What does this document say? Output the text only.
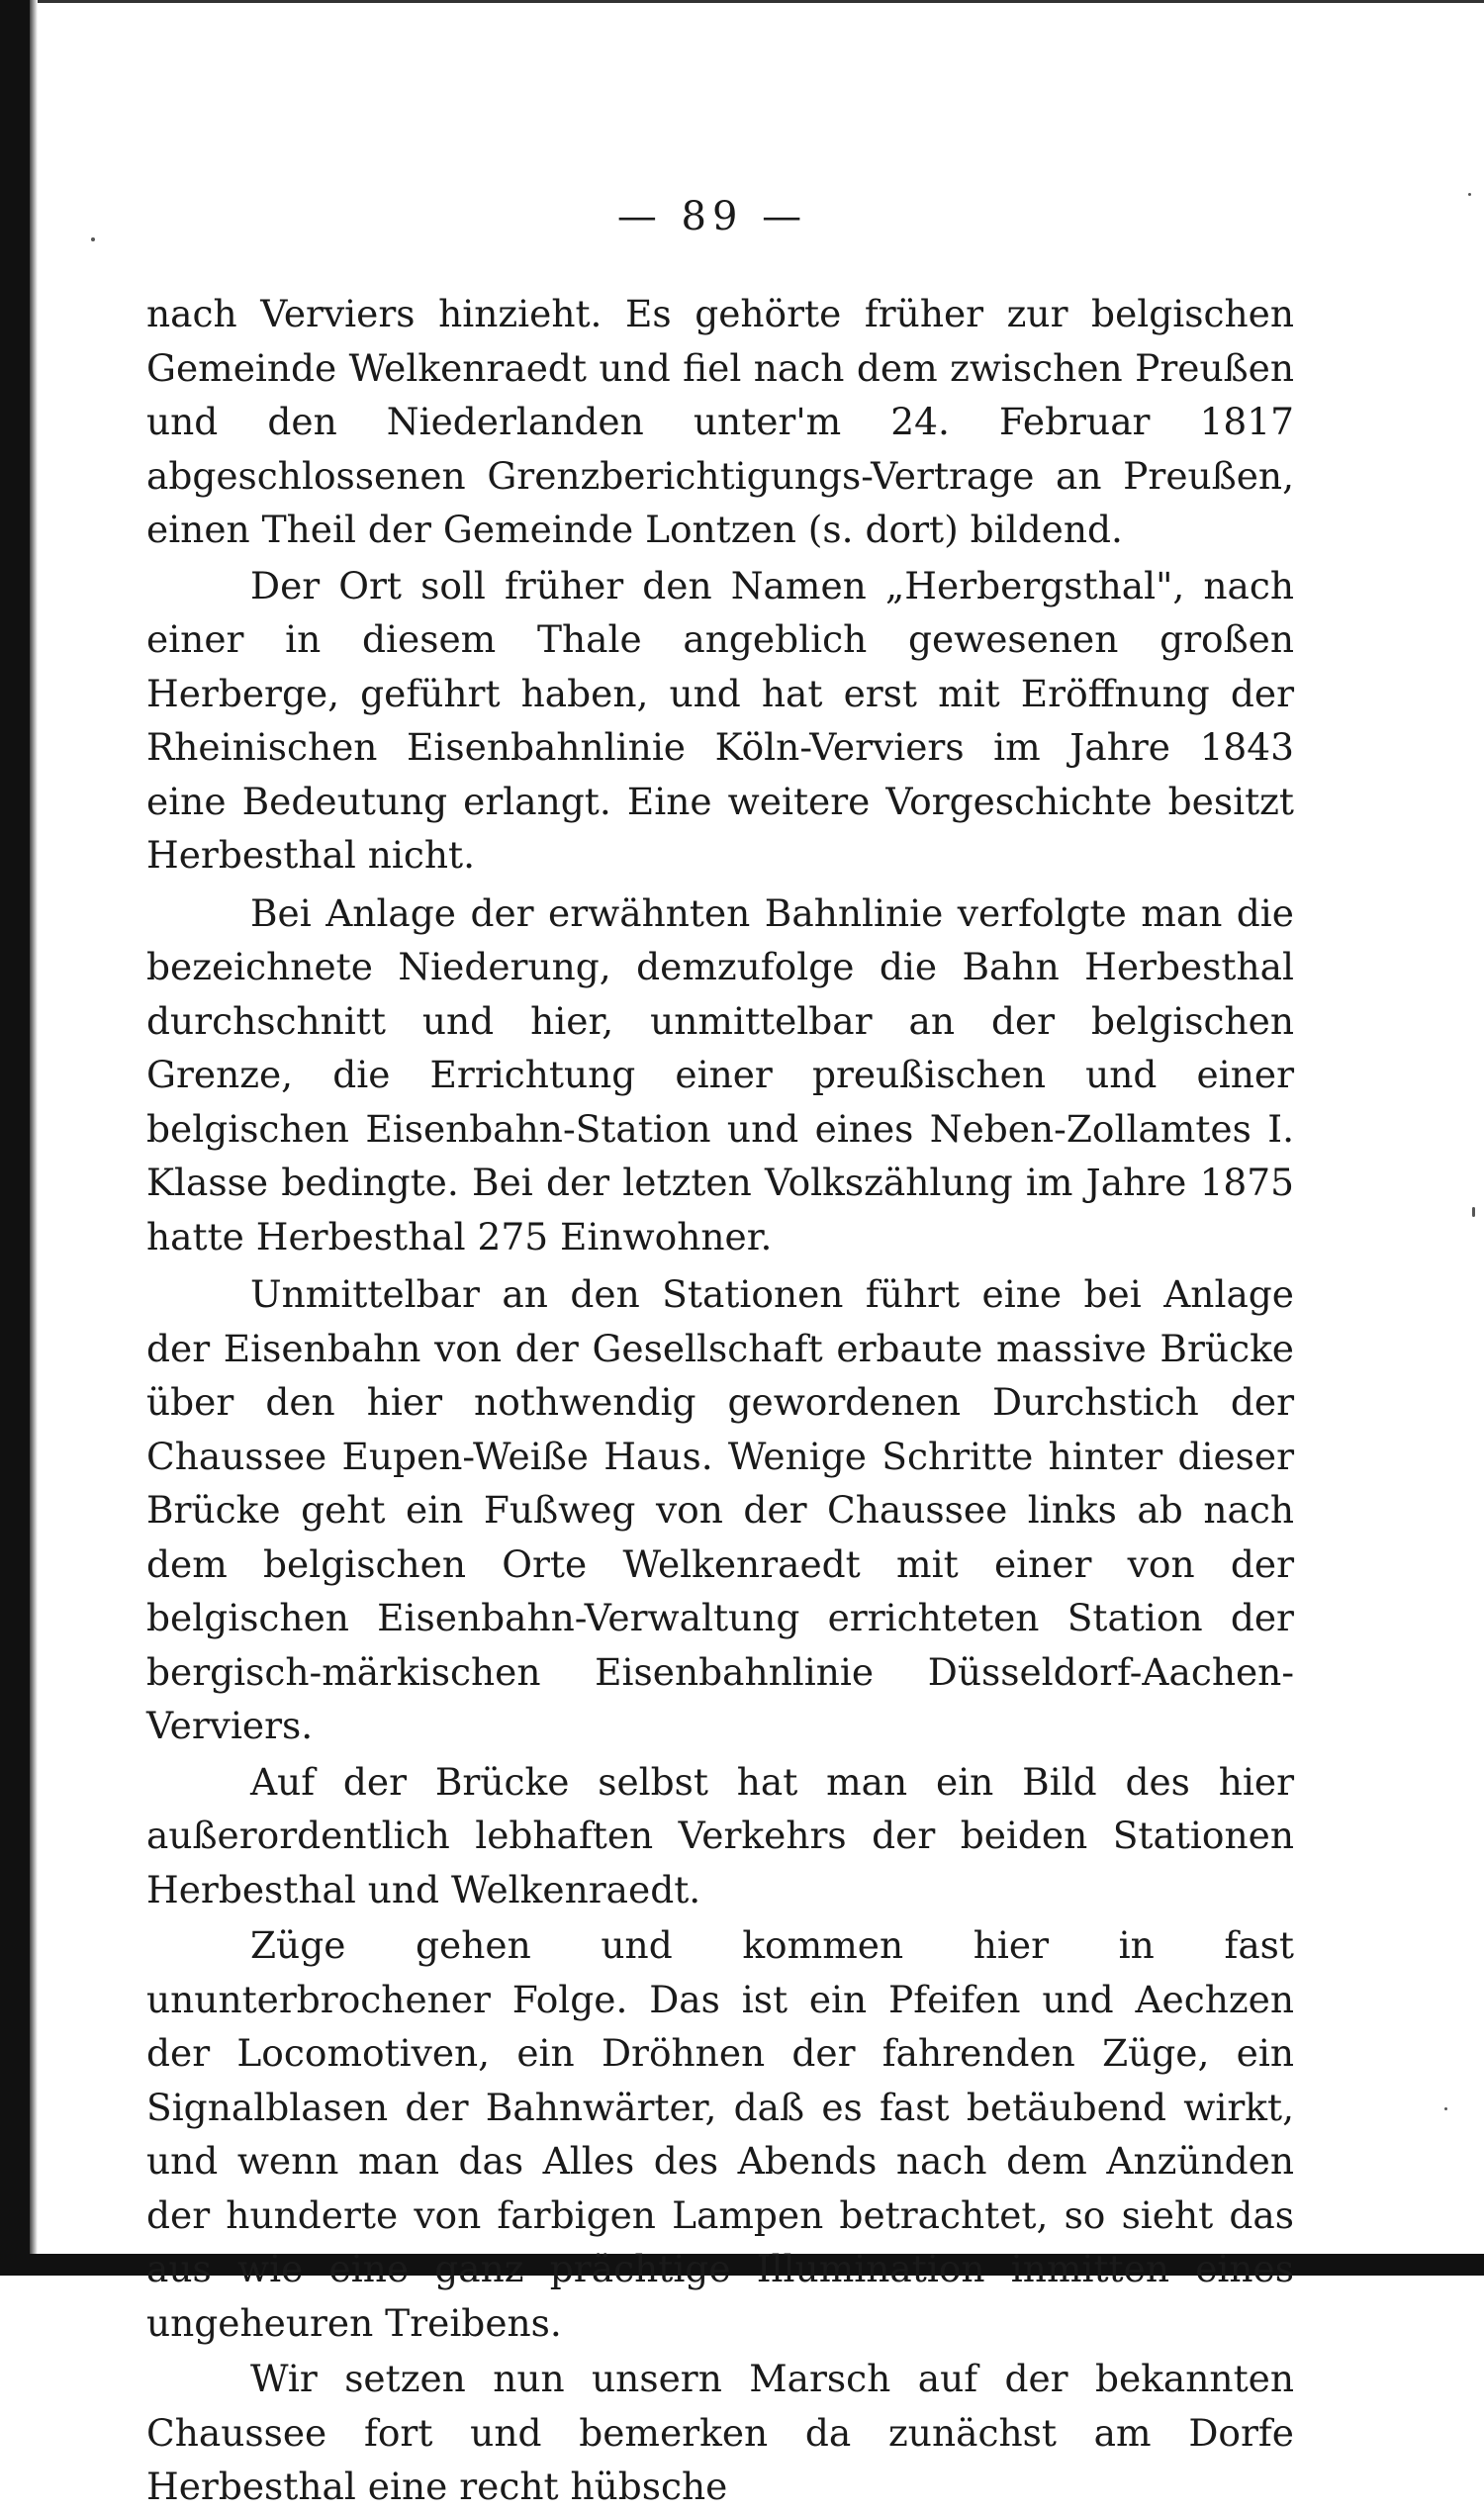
— 89 —

nach Verviers hinzieht. Es gehörte früher zur belgischen Gemeinde Welkenraedt und fiel nach dem zwischen Preußen und den Niederlanden unter'm 24. Februar 1817 abgeschlossenen Grenzberichtigungs-Vertrage an Preußen, einen Theil der Gemeinde Lontzen (s. dort) bildend.

Der Ort soll früher den Namen „Herbergsthal", nach einer in diesem Thale angeblich gewesenen großen Herberge, geführt haben, und hat erst mit Eröffnung der Rheinischen Eisenbahnlinie Köln-Verviers im Jahre 1843 eine Bedeutung erlangt. Eine weitere Vorgeschichte besitzt Herbesthal nicht.

Bei Anlage der erwähnten Bahnlinie verfolgte man die bezeichnete Niederung, demzufolge die Bahn Herbesthal durchschnitt und hier, unmittelbar an der belgischen Grenze, die Errichtung einer preußischen und einer belgischen Eisenbahn-Station und eines Neben-Zollamtes I. Klasse bedingte. Bei der letzten Volkszählung im Jahre 1875 hatte Herbesthal 275 Einwohner.

Unmittelbar an den Stationen führt eine bei Anlage der Eisenbahn von der Gesellschaft erbaute massive Brücke über den hier nothwendig gewordenen Durchstich der Chaussee Eupen-Weiße Haus. Wenige Schritte hinter dieser Brücke geht ein Fußweg von der Chaussee links ab nach dem belgischen Orte Welkenraedt mit einer von der belgischen Eisenbahn-Verwaltung errichteten Station der bergisch-märkischen Eisenbahnlinie Düsseldorf-Aachen-Verviers.

Auf der Brücke selbst hat man ein Bild des hier außerordentlich lebhaften Verkehrs der beiden Stationen Herbesthal und Welkenraedt.

Züge gehen und kommen hier in fast ununterbrochener Folge. Das ist ein Pfeifen und Aechzen der Locomotiven, ein Dröhnen der fahrenden Züge, ein Signalblasen der Bahnwärter, daß es fast betäubend wirkt, und wenn man das Alles des Abends nach dem Anzünden der hunderte von farbigen Lampen betrachtet, so sieht das aus wie eine ganz prächtige Illumination inmitten eines ungeheuren Treibens.

Wir setzen nun unsern Marsch auf der bekannten Chaussee fort und bemerken da zunächst am Dorfe Herbesthal eine recht hübsche
